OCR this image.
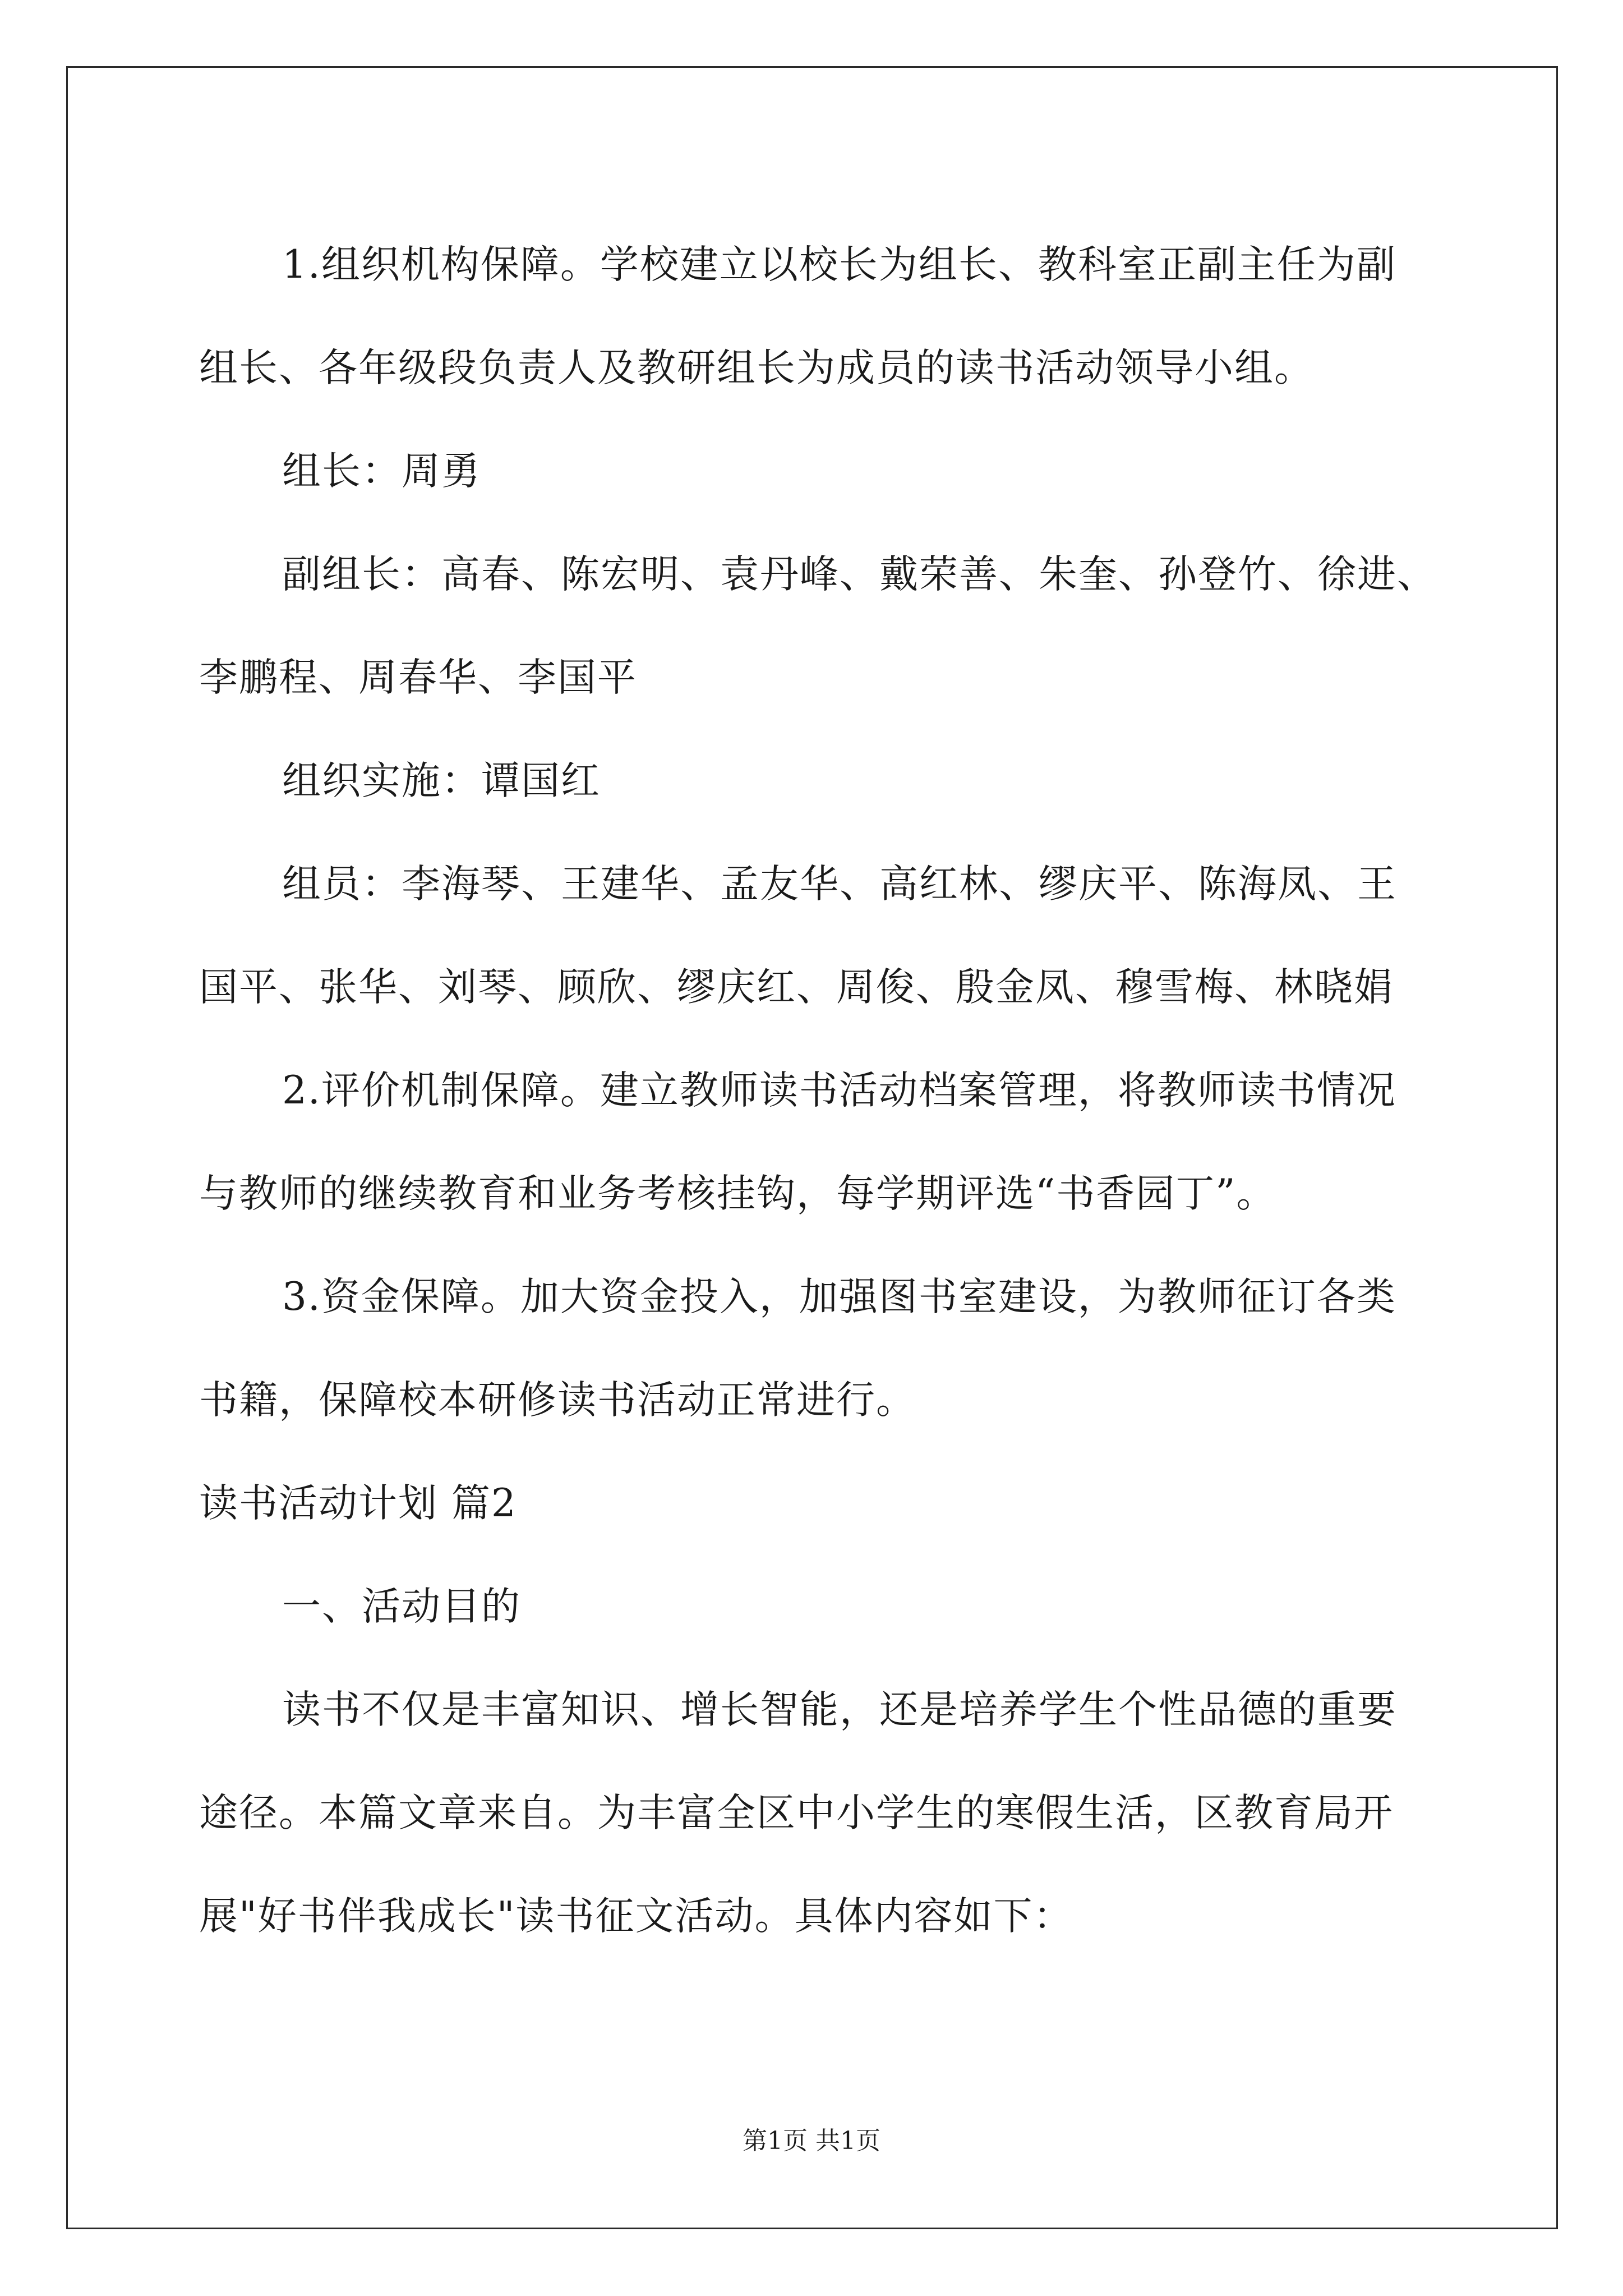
1.组织机构保障。学校建立以校长为组长、教科室正副主任为副

组长、各年级段负责人及教研组长为成员的读书活动领导小组。

组长：周勇

副组长：高春、陈宏明、袁丹峰、戴荣善、朱奎、孙登竹、徐进、

李鹏程、周春华、李国平

组织实施：谭国红

组员：李海琴、王建华、孟友华、高红林、缪庆平、陈海凤、王

国平、张华、刘琴、顾欣、缪庆红、周俊、殷金凤、穆雪梅、林晓娟

2.评价机制保障。建立教师读书活动档案管理，将教师读书情况

与教师的继续教育和业务考核挂钩，每学期评选“书香园丁”。

3.资金保障。加大资金投入，加强图书室建设，为教师征订各类

书籍，保障校本研修读书活动正常进行。

读书活动计划 篇2

一、活动目的

读书不仅是丰富知识、增长智能，还是培养学生个性品德的重要

途径。本篇文章来自。为丰富全区中小学生的寒假生活，区教育局开

展"好书伴我成长"读书征文活动。具体内容如下：

第1页 共1页
